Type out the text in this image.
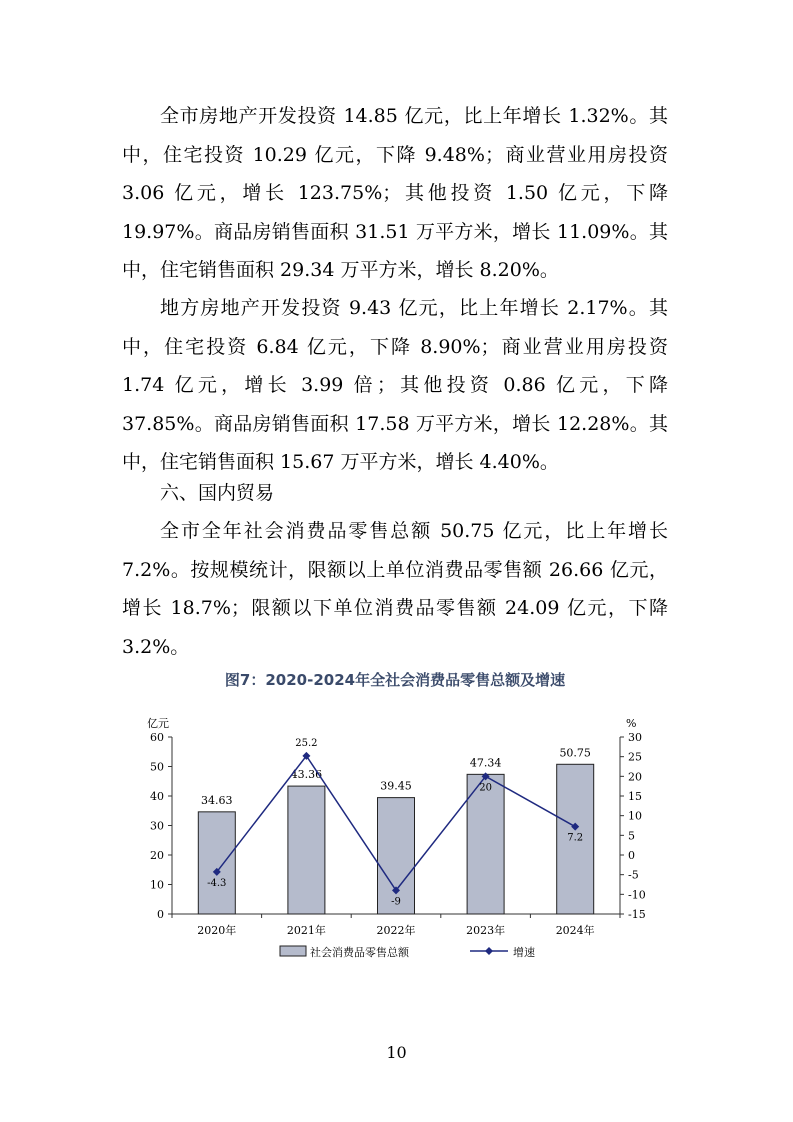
全市房地产开发投资 14.85 亿元，比上年增长 1.32%。其中，住宅投资 10.29 亿元，下降 9.48%；商业营业用房投资 3.06 亿元，增长 123.75%；其他投资 1.50 亿元，下降 19.97%。商品房销售面积 31.51 万平方米，增长 11.09%。其中，住宅销售面积 29.34 万平方米，增长 8.20%。

地方房地产开发投资 9.43 亿元，比上年增长 2.17%。其中，住宅投资 6.84 亿元，下降 8.90%；商业营业用房投资 1.74 亿元，增长 3.99 倍；其他投资 0.86 亿元，下降 37.85%。商品房销售面积 17.58 万平方米，增长 12.28%。其中，住宅销售面积 15.67 万平方米，增长 4.40%。

六、国内贸易

全市全年社会消费品零售总额 50.75 亿元，比上年增长 7.2%。按规模统计，限额以上单位消费品零售额 26.66 亿元，增长 18.7%；限额以下单位消费品零售额 24.09 亿元，下降 3.2%。

图7：2020-2024年全社会消费品零售总额及增速
0
10
20
30
40
50
60
亿元
-15
-10
-5
0
5
10
15
20
25
30
%
2020年	2021年	2022年	2023年	2024年
34.63
43.36
39.45
47.34
50.75
-4.3
25.2
-9
20
7.2
社会消费品零售总额	增速
10
